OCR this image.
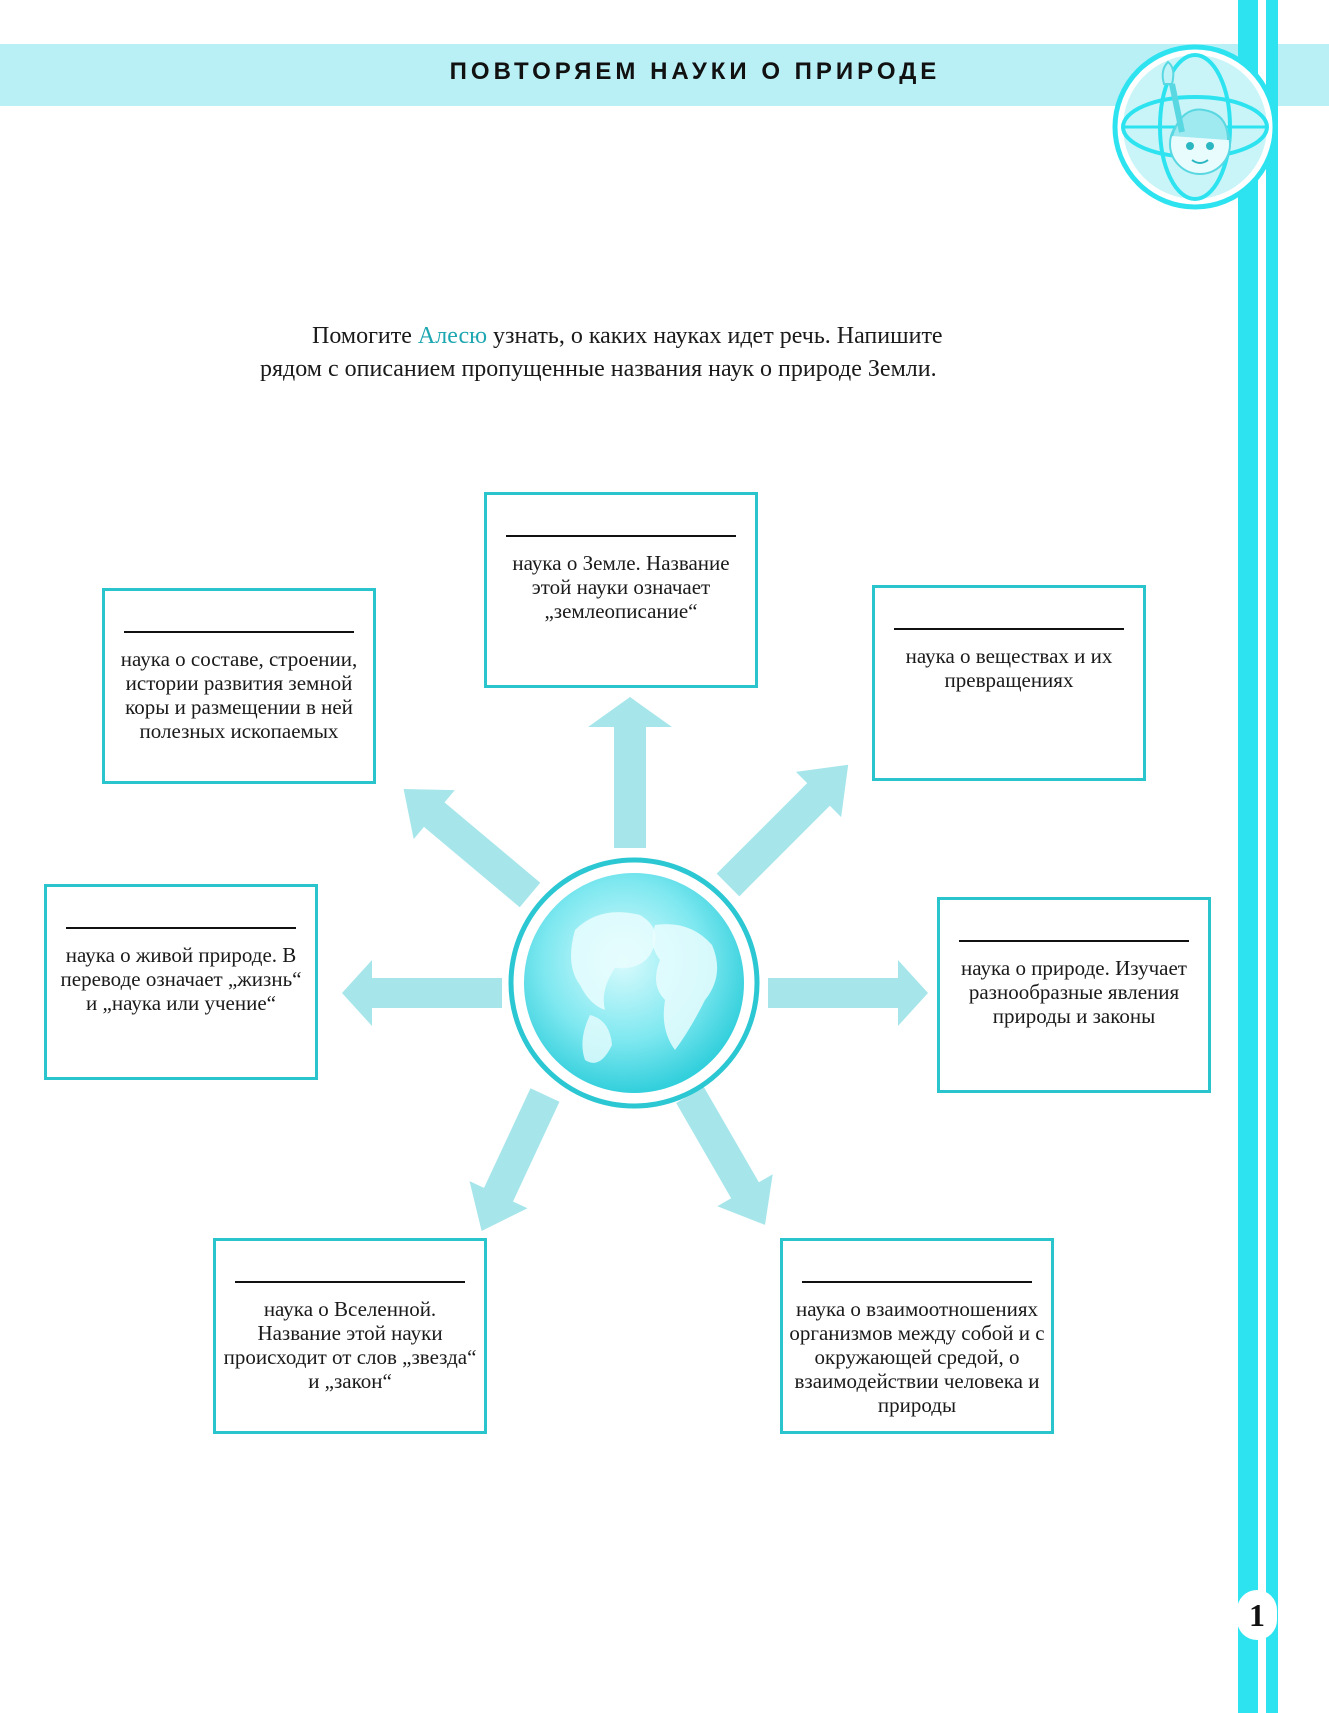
ПОВТОРЯЕМ НАУКИ О ПРИРОДЕ
Помогите Алесю узнать, о каких науках идет речь. Напишите
рядом с описанием пропущенные названия наук о природе Земли.
наука о Земле. Название этой науки означает „землеописание“
наука о составе, строении, истории развития земной коры и размещении в ней полезных ископаемых
наука о веществах и их превращениях
наука о живой природе. В переводе означает „жизнь“ и „наука или учение“
наука о природе. Изучает разнообразные явления природы и законы
наука о Вселенной. Название этой науки происходит от слов „звезда“ и „закон“
наука о взаимоотношениях организмов между собой и с окружающей средой, о взаимодействии человека и природы
1
